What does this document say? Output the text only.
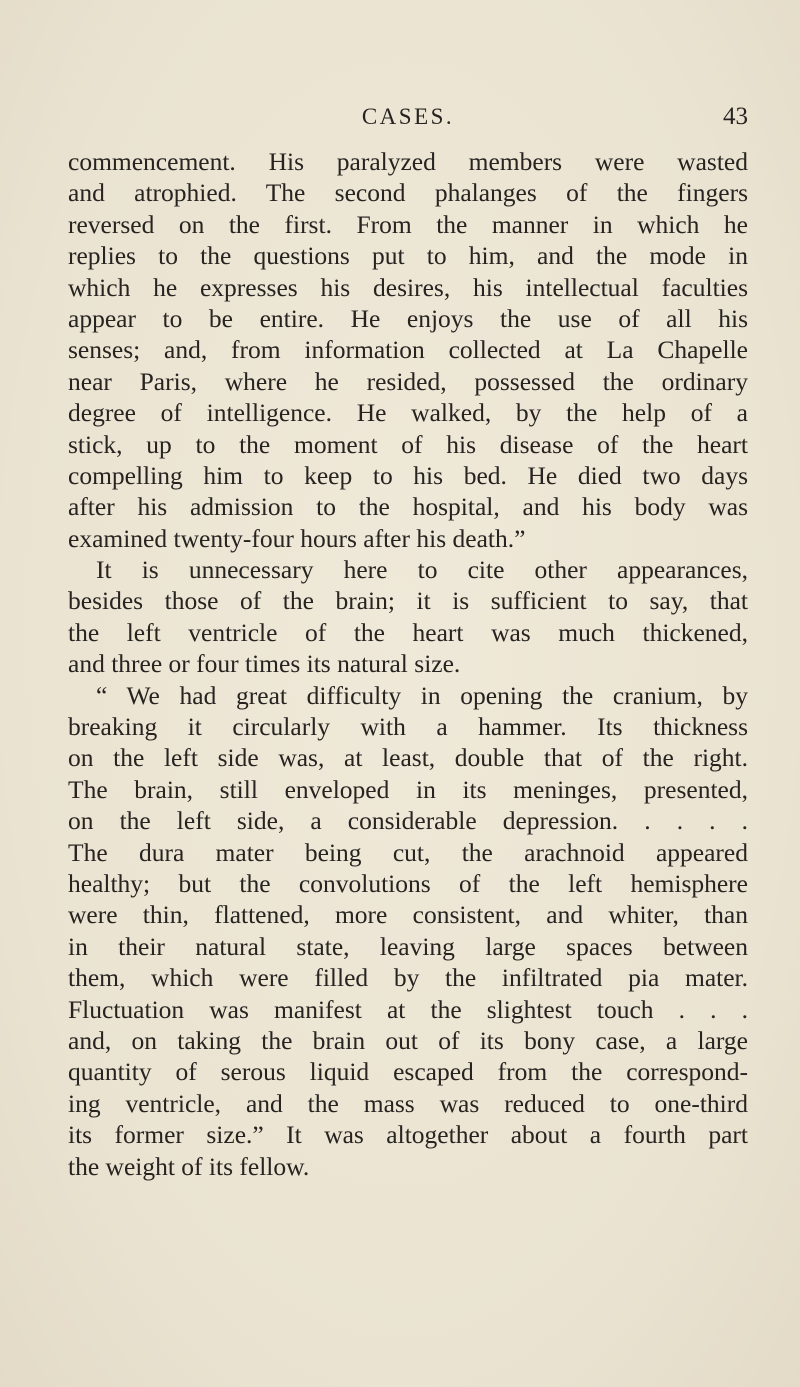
CASES.	43
commencement. His paralyzed members were wasted
and atrophied. The second phalanges of the fingers
reversed on the first. From the manner in which he
replies to the questions put to him, and the mode in
which he expresses his desires, his intellectual faculties
appear to be entire. He enjoys the use of all his
senses; and, from information collected at La Chapelle
near Paris, where he resided, possessed the ordinary
degree of intelligence. He walked, by the help of a
stick, up to the moment of his disease of the heart
compelling him to keep to his bed. He died two days
after his admission to the hospital, and his body was
examined twenty-four hours after his death.”
It is unnecessary here to cite other appearances,
besides those of the brain; it is sufficient to say, that
the left ventricle of the heart was much thickened,
and three or four times its natural size.
“ We had great difficulty in opening the cranium, by
breaking it circularly with a hammer. Its thickness
on the left side was, at least, double that of the right.
The brain, still enveloped in its meninges, presented,
on the left side, a considerable depression. . . . .
The dura mater being cut, the arachnoid appeared
healthy; but the convolutions of the left hemisphere
were thin, flattened, more consistent, and whiter, than
in their natural state, leaving large spaces between
them, which were filled by the infiltrated pia mater.
Fluctuation was manifest at the slightest touch . . .
and, on taking the brain out of its bony case, a large
quantity of serous liquid escaped from the correspond-
ing ventricle, and the mass was reduced to one-third
its former size.” It was altogether about a fourth part
the weight of its fellow.
